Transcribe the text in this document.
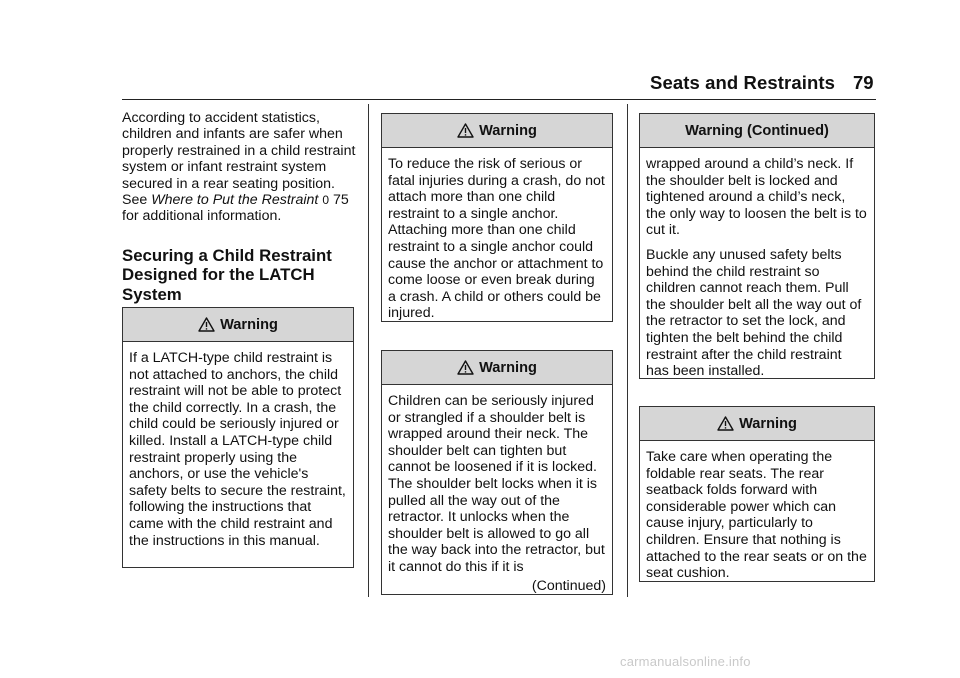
Seats and Restraints 79

According to accident statistics, children and infants are safer when properly restrained in a child restraint system or infant restraint system secured in a rear seating position. See Where to Put the Restraint 0 75 for additional information.

Securing a Child Restraint Designed for the LATCH System
Warning
If a LATCH-type child restraint is not attached to anchors, the child restraint will not be able to protect the child correctly. In a crash, the child could be seriously injured or killed. Install a LATCH-type child restraint properly using the anchors, or use the vehicle's safety belts to secure the restraint, following the instructions that came with the child restraint and the instructions in this manual.
Warning
To reduce the risk of serious or fatal injuries during a crash, do not attach more than one child restraint to a single anchor. Attaching more than one child restraint to a single anchor could cause the anchor or attachment to come loose or even break during a crash. A child or others could be injured.
Warning
Children can be seriously injured or strangled if a shoulder belt is wrapped around their neck. The shoulder belt can tighten but cannot be loosened if it is locked. The shoulder belt locks when it is pulled all the way out of the retractor. It unlocks when the shoulder belt is allowed to go all the way back into the retractor, but it cannot do this if it is
(Continued)
Warning (Continued)

wrapped around a child’s neck. If the shoulder belt is locked and tightened around a child’s neck, the only way to loosen the belt is to cut it.

Buckle any unused safety belts behind the child restraint so children cannot reach them. Pull the shoulder belt all the way out of the retractor to set the lock, and tighten the belt behind the child restraint after the child restraint has been installed.

Warning
Take care when operating the foldable rear seats. The rear seatback folds forward with considerable power which can cause injury, particularly to children. Ensure that nothing is attached to the rear seats or on the seat cushion.
carmanualsonline.info
